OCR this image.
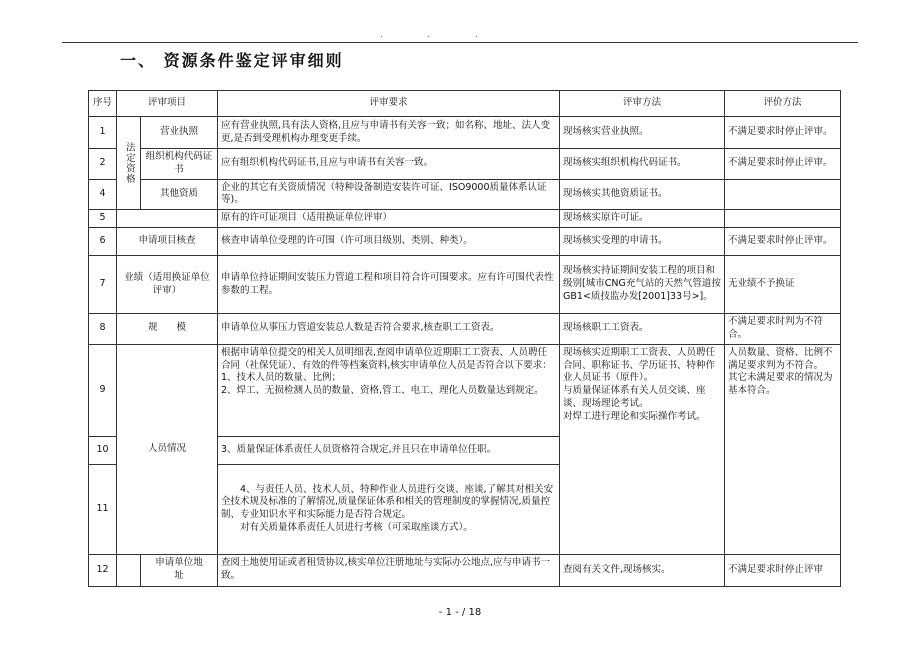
...
一、 资源条件鉴定评审细则
序号	评审项目		评审要求	评审方法	评价方法
1	法定资格	营业执照	应有营业执照,具有法人资格,且应与申请书有关容一致；如名称、地址、法人变更,是否到受理机构办理变更手续。	现场核实营业执照。	不满足要求时停止评审。
2		组织机构代码证书	应有组织机构代码证书,且应与申请书有关容一致。	现场核实组织机构代码证书。	不满足要求时停止评审。
4		其他资质	企业的其它有关资质情况（特种设备制造安装许可证、ISO9000质量体系认证等)。	现场核实其他资质证书。	
5			原有的许可证项目（适用换证单位评审）	现场核实原许可证。	
6	申请项目核查		核查申请单位受理的许可围（许可项目级别、类别、种类）。	现场核实受理的申请书。	不满足要求时停止评审。
7	业绩（适用换证单位评审）		申请单位持证期间安装压力管道工程和项目符合许可围要求。应有许可围代表性参数的工程。	现场核实持证期间安装工程的项目和级别[城市CNG充气站的天然气管道按GB1<质技监办发[2001]33号>]。	无业绩不予换证
8	规　　模		申请单位从事压力管道安装总人数是否符合要求,核查职工工资表。	现场核职工工资表。	不满足要求时判为不符合。
9	人员情况		根据申请单位提交的相关人员明细表,查阅申请单位近期职工工资表、人员聘任合同（社保凭证）、有效的件等档案资料,核实申请单位人员是否符合以下要求：
1、技术人员的数量、比例；
2、焊工、无损检测人员的数量、资格,管工、电工、理化人员数量达到规定。	现场核实近期职工工资表、人员聘任合同、职称证书、学历证书、特种作业人员证书（原件）。
与质量保证体系有关人员交谈、座谈、现场理论考试。
对焊工进行理论和实际操作考试。	人员数量、资格、比例不满足要求判为不符合。
其它未满足要求的情况为基本符合。
10			3、质量保证体系责任人员资格符合规定,并且只在申请单位任职。		
11			4、与责任人员、技术人员、特种作业人员进行交谈、座谈,了解其对相关安全技术规及标准的了解情况,质量保证体系和相关的管理制度的掌握情况,质量控制、专业知识水平和实际能力是否符合规定。
对有关质量体系责任人员进行考核（可采取座谈方式）。		

12		申请单位地　　址	查阅土地使用证或者租赁协议,核实单位注册地址与实际办公地点,应与申请书一致。	查阅有关文件,现场核实。	不满足要求时停止评审
- 1 - / 18
